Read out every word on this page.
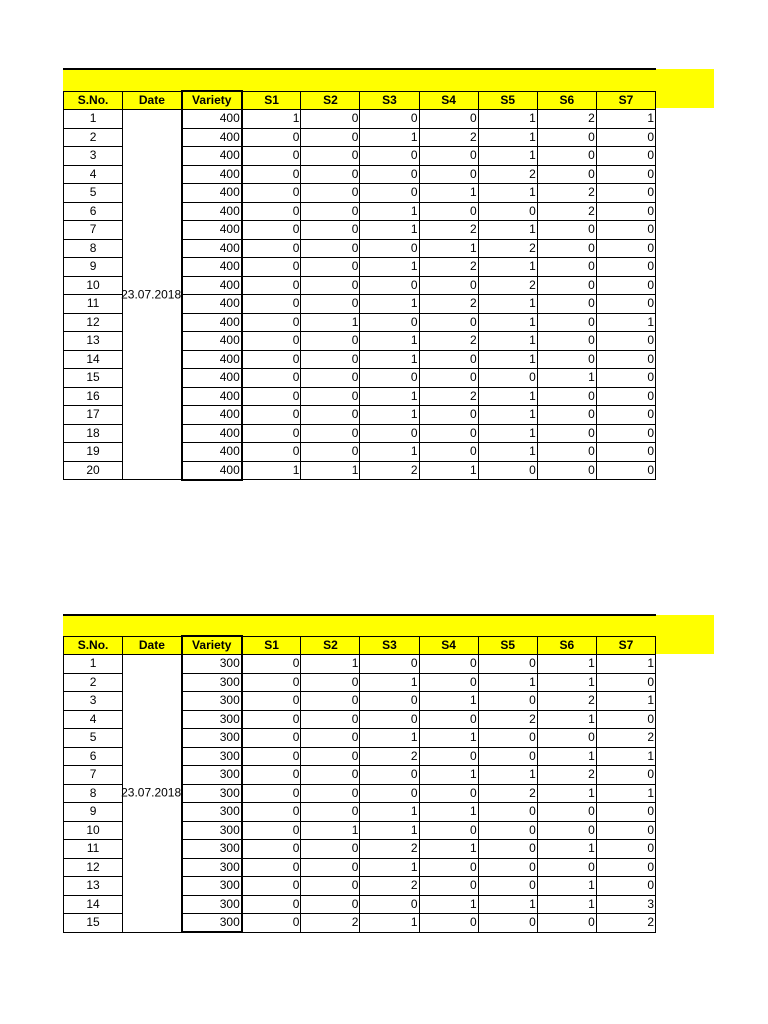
S.No.	Date	Variety	S1	S2	S3	S4	S5	S6	S7
1	23.07.2018	400	1	0	0	0	1	2	1
2		400	0	0	1	2	1	0	0
3		400	0	0	0	0	1	0	0
4		400	0	0	0	0	2	0	0
5		400	0	0	0	1	1	2	0
6		400	0	0	1	0	0	2	0
7		400	0	0	1	2	1	0	0
8		400	0	0	0	1	2	0	0
9		400	0	0	1	2	1	0	0
10		400	0	0	0	0	2	0	0
11		400	0	0	1	2	1	0	0
12		400	0	1	0	0	1	0	1
13		400	0	0	1	2	1	0	0
14		400	0	0	1	0	1	0	0
15		400	0	0	0	0	0	1	0
16		400	0	0	1	2	1	0	0
17		400	0	0	1	0	1	0	0
18		400	0	0	0	0	1	0	0
19		400	0	0	1	0	1	0	0
20		400	1	1	2	1	0	0	0
S.No.	Date	Variety	S1	S2	S3	S4	S5	S6	S7
1	23.07.2018	300	0	1	0	0	0	1	1
2		300	0	0	1	0	1	1	0
3		300	0	0	0	1	0	2	1
4		300	0	0	0	0	2	1	0
5		300	0	0	1	1	0	0	2
6		300	0	0	2	0	0	1	1
7		300	0	0	0	1	1	2	0
8		300	0	0	0	0	2	1	1
9		300	0	0	1	1	0	0	0
10		300	0	1	1	0	0	0	0
11		300	0	0	2	1	0	1	0
12		300	0	0	1	0	0	0	0
13		300	0	0	2	0	0	1	0
14		300	0	0	0	1	1	1	3
15		300	0	2	1	0	0	0	2
